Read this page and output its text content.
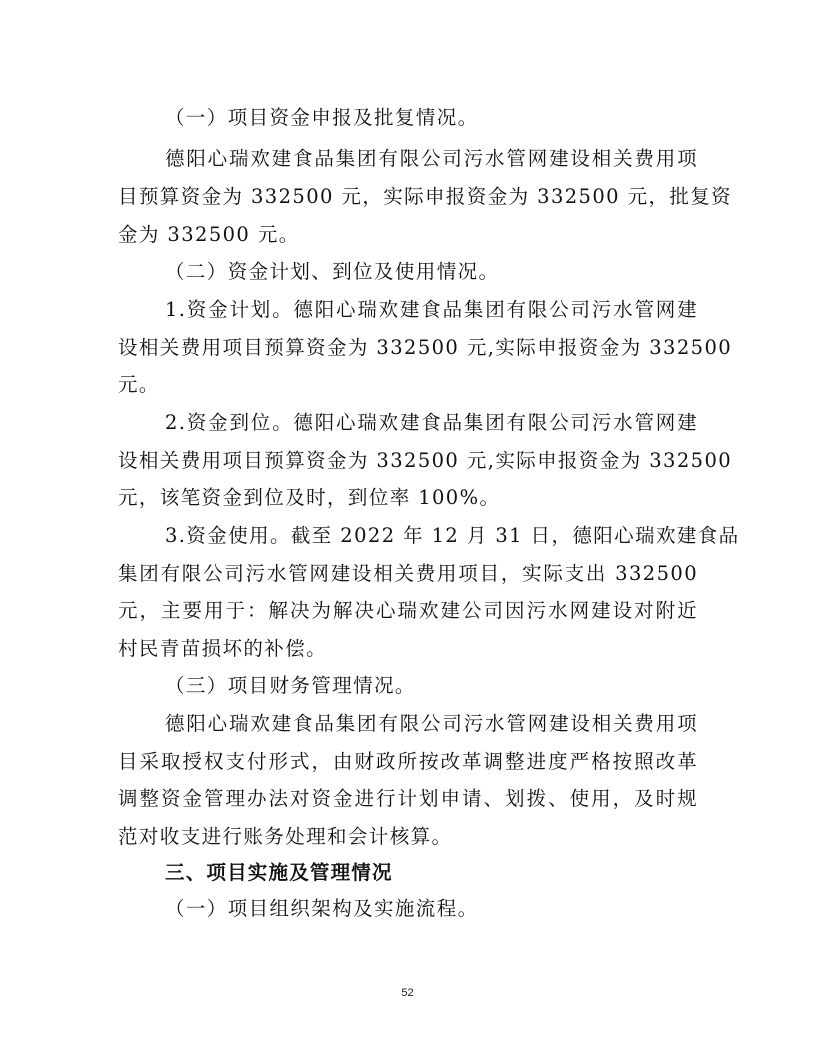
（一）项目资金申报及批复情况。
德阳心瑞欢建食品集团有限公司污水管网建设相关费用项
目预算资金为 332500 元，实际申报资金为 332500 元，批复资
金为 332500 元。
（二）资金计划、到位及使用情况。
1.资金计划。德阳心瑞欢建食品集团有限公司污水管网建
设相关费用项目预算资金为 332500 元,实际申报资金为 332500
元。
2.资金到位。德阳心瑞欢建食品集团有限公司污水管网建
设相关费用项目预算资金为 332500 元,实际申报资金为 332500
元，该笔资金到位及时，到位率 100%。
3.资金使用。截至 2022 年 12 月 31 日，德阳心瑞欢建食品
集团有限公司污水管网建设相关费用项目，实际支出 332500
元，主要用于：解决为解决心瑞欢建公司因污水网建设对附近
村民青苗损坏的补偿。
（三）项目财务管理情况。
德阳心瑞欢建食品集团有限公司污水管网建设相关费用项
目采取授权支付形式，由财政所按改革调整进度严格按照改革
调整资金管理办法对资金进行计划申请、划拨、使用，及时规
范对收支进行账务处理和会计核算。
三、项目实施及管理情况
（一）项目组织架构及实施流程。
52
